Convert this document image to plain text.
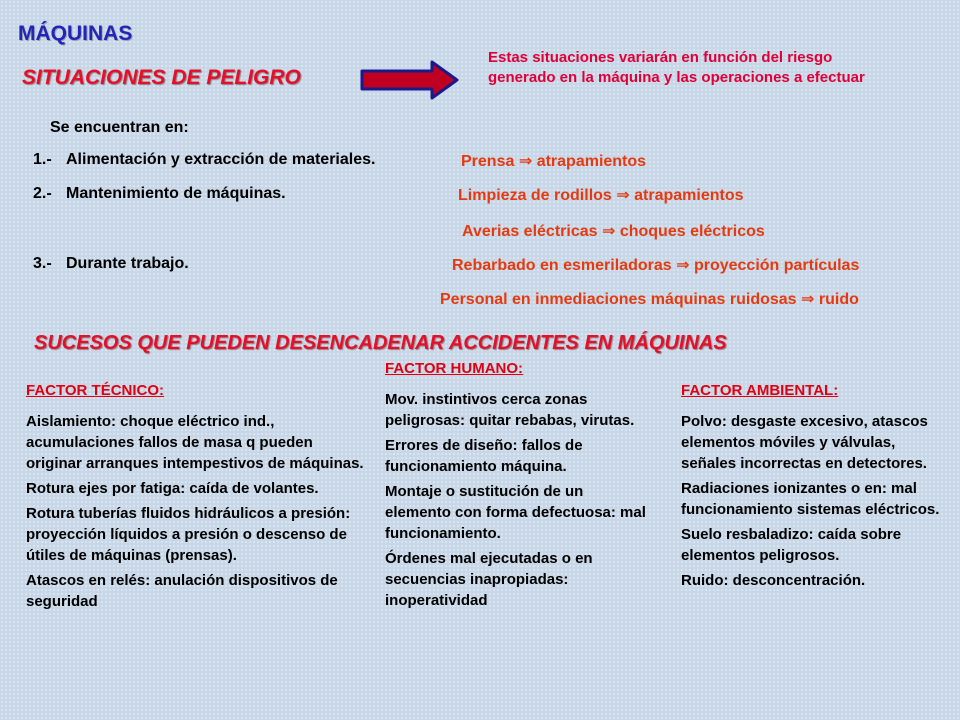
MÁQUINAS
SITUACIONES DE PELIGRO
Estas situaciones variarán en función del riesgo generado en la máquina y las operaciones a efectuar
Se encuentran en:
1.- Alimentación y extracción de materiales.
2.- Mantenimiento de máquinas.
3.- Durante trabajo.
Prensa ⇒ atrapamientos
Limpieza de rodillos ⇒ atrapamientos
Averias eléctricas ⇒ choques eléctricos
Rebarbado en esmeriladoras ⇒ proyección partículas
Personal en inmediaciones máquinas ruidosas ⇒ ruido
SUCESOS QUE PUEDEN DESENCADENAR ACCIDENTES EN MÁQUINAS
FACTOR TÉCNICO:

Aislamiento: choque eléctrico ind., acumulaciones fallos de masa q pueden originar arranques intempestivos de máquinas.

Rotura ejes por fatiga: caída de volantes.

Rotura tuberías fluidos hidráulicos a presión: proyección líquidos a presión o descenso de útiles de máquinas (prensas).

Atascos en relés: anulación dispositivos de seguridad

FACTOR HUMANO:

Mov. instintivos cerca zonas peligrosas: quitar rebabas, virutas.

Errores de diseño: fallos de funcionamiento máquina.

Montaje o sustitución de un elemento con forma defectuosa: mal funcionamiento.

Órdenes mal ejecutadas o en secuencias inapropiadas: inoperatividad

FACTOR AMBIENTAL:

Polvo: desgaste excesivo, atascos elementos móviles y válvulas, señales incorrectas en detectores.

Radiaciones ionizantes o en: mal funcionamiento sistemas eléctricos.

Suelo resbaladizo: caída sobre elementos peligrosos.

Ruido: desconcentración.
